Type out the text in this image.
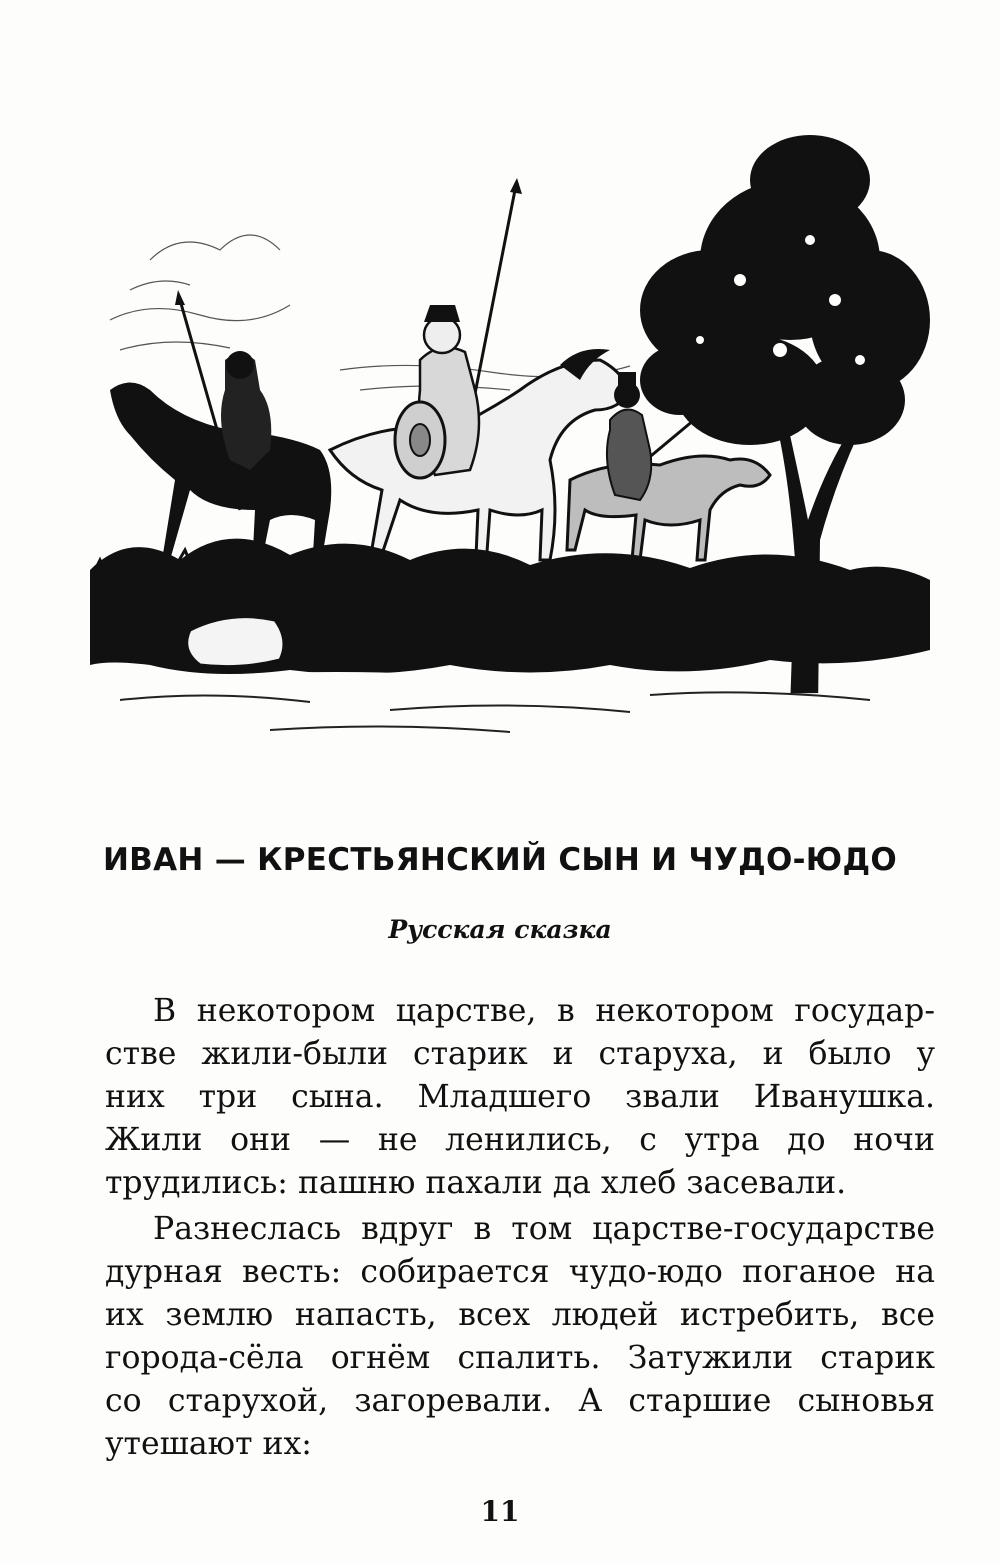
ИВАН — КРЕСТЬЯНСКИЙ СЫН И ЧУДО-ЮДО
Русская сказка

В некотором царстве, в некотором государ-
стве жили-были старик и старуха, и было у
них три сына. Младшего звали Иванушка.
Жили они — не ленились, с утра до ночи
трудились: пашню пахали да хлеб засевали.

Разнеслась вдруг в том царстве-государстве
дурная весть: собирается чудо-юдо поганое на
их землю напасть, всех людей истребить, все
города-сёла огнём спалить. Затужили старик
со старухой, загоревали. А старшие сыновья
утешают их:

11
